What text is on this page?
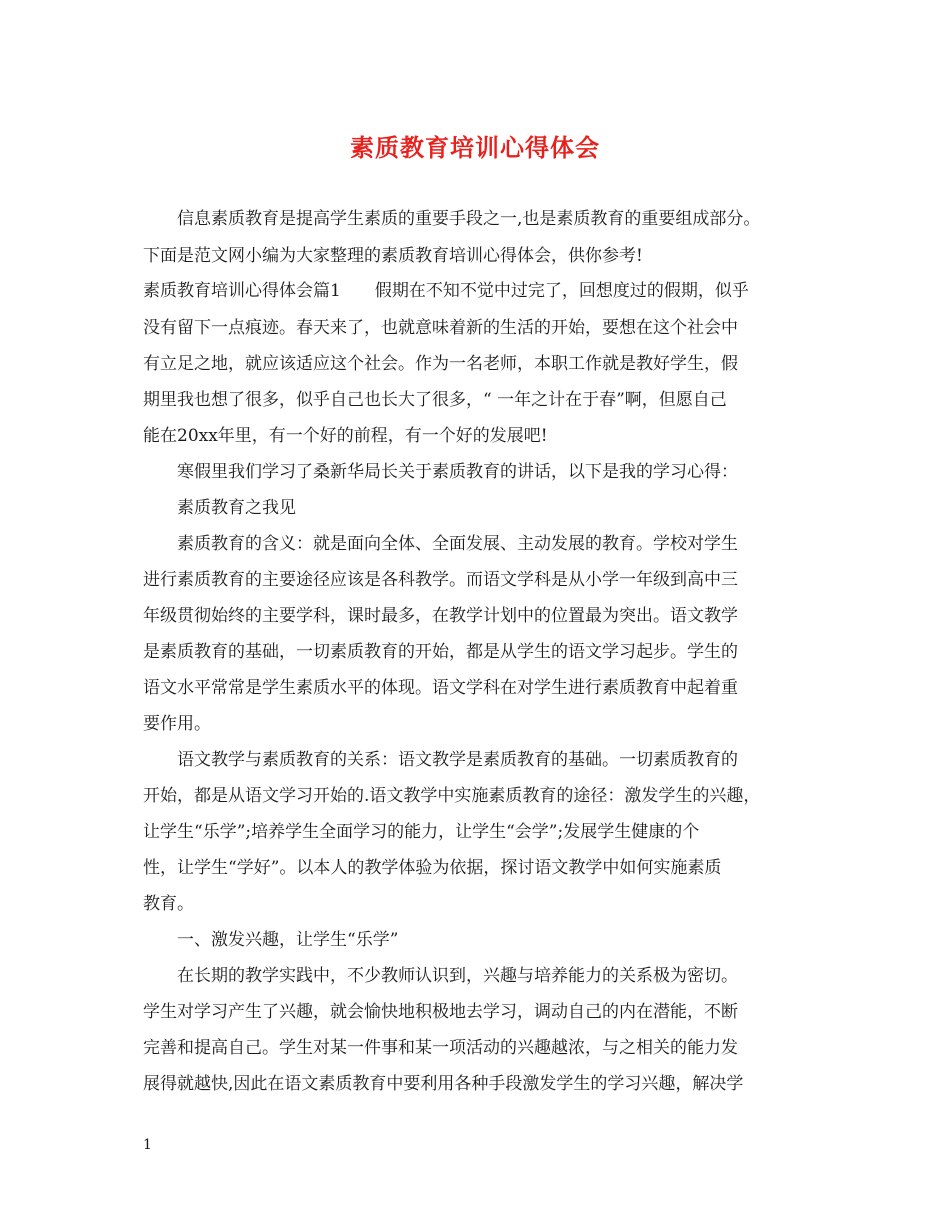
素质教育培训心得体会
　　信息素质教育是提高学生素质的重要手段之一,也是素质教育的重要组成部分。
下面是范文网小编为大家整理的素质教育培训心得体会，供你参考!
素质教育培训心得体会篇1　　假期在不知不觉中过完了，回想度过的假期，似乎
没有留下一点痕迹。春天来了，也就意味着新的生活的开始，要想在这个社会中
有立足之地，就应该适应这个社会。作为一名老师，本职工作就是教好学生，假
期里我也想了很多，似乎自己也长大了很多，“ 一年之计在于春”啊，但愿自己
能在20xx年里，有一个好的前程，有一个好的发展吧!
　　寒假里我们学习了桑新华局长关于素质教育的讲话，以下是我的学习心得：
　　素质教育之我见
　　素质教育的含义：就是面向全体、全面发展、主动发展的教育。学校对学生
进行素质教育的主要途径应该是各科教学。而语文学科是从小学一年级到高中三
年级贯彻始终的主要学科，课时最多，在教学计划中的位置最为突出。语文教学
是素质教育的基础，一切素质教育的开始，都是从学生的语文学习起步。学生的
语文水平常常是学生素质水平的体现。语文学科在对学生进行素质教育中起着重
要作用。
　　语文教学与素质教育的关系：语文教学是素质教育的基础。一切素质教育的
开始，都是从语文学习开始的.语文教学中实施素质教育的途径：激发学生的兴趣，
让学生“乐学”;培养学生全面学习的能力，让学生“会学”;发展学生健康的个
性，让学生“学好”。以本人的教学体验为依据，探讨语文教学中如何实施素质
教育。
　　一、激发兴趣，让学生“乐学”
　　在长期的教学实践中，不少教师认识到，兴趣与培养能力的关系极为密切。
学生对学习产生了兴趣，就会愉快地积极地去学习，调动自己的内在潜能，不断
完善和提高自己。学生对某一件事和某一项活动的兴趣越浓，与之相关的能力发
展得就越快,因此在语文素质教育中要利用各种手段激发学生的学习兴趣，解决学
1
